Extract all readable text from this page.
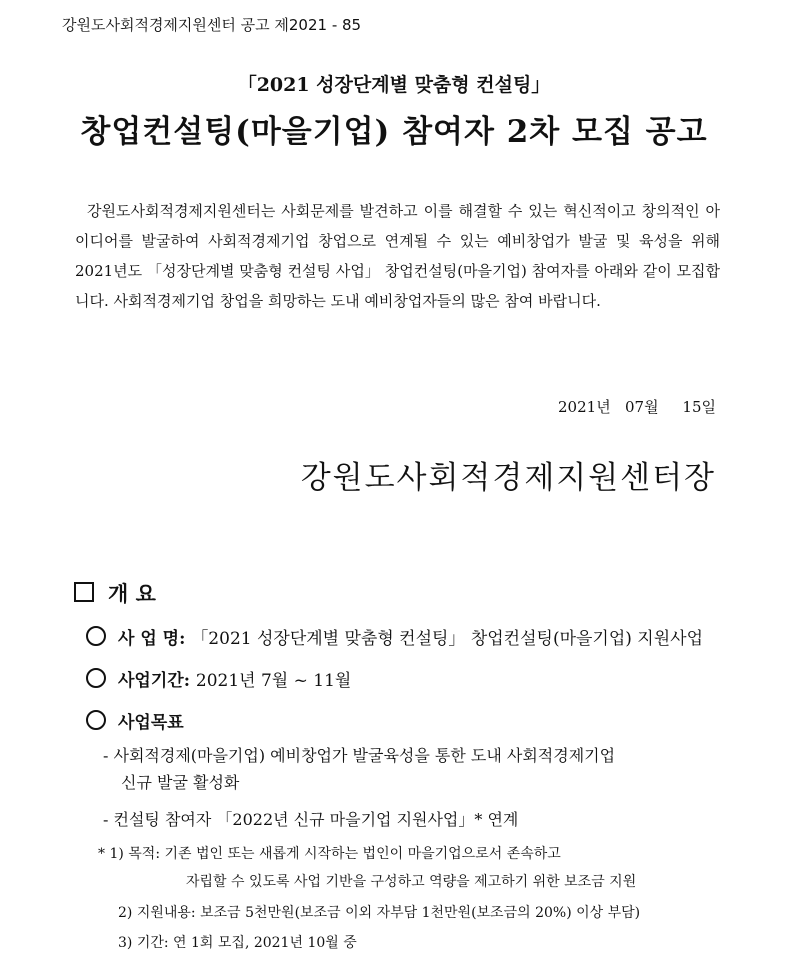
강원도사회적경제지원센터 공고 제2021 - 85
「2021 성장단계별 맞춤형 컨설팅」
창업컨설팅(마을기업) 참여자 2차 모집 공고
강원도사회적경제지원센터는 사회문제를 발견하고 이를 해결할 수 있는 혁신적이고 창의적인 아이디어를 발굴하여 사회적경제기업 창업으로 연계될 수 있는 예비창업가 발굴 및 육성을 위해 2021년도 「성장단계별 맞춤형 컨설팅 사업」 창업컨설팅(마을기업) 참여자를 아래와 같이 모집합니다. 사회적경제기업 창업을 희망하는 도내 예비창업자들의 많은 참여 바랍니다.
2021년 07월 15일
강원도사회적경제지원센터장
개 요
사 업 명: 「2021 성장단계별 맞춤형 컨설팅」 창업컨설팅(마을기업) 지원사업
사업기간: 2021년 7월 ~ 11월
사업목표
- 사회적경제(마을기업) 예비창업가 발굴육성을 통한 도내 사회적경제기업
신규 발굴 활성화
- 컨설팅 참여자 「2022년 신규 마을기업 지원사업」* 연계
* 1) 목적: 기존 법인 또는 새롭게 시작하는 법인이 마을기업으로서 존속하고
자립할 수 있도록 사업 기반을 구성하고 역량을 제고하기 위한 보조금 지원
2) 지원내용: 보조금 5천만원(보조금 이외 자부담 1천만원(보조금의 20%) 이상 부담)
3) 기간: 연 1회 모집, 2021년 10월 중
